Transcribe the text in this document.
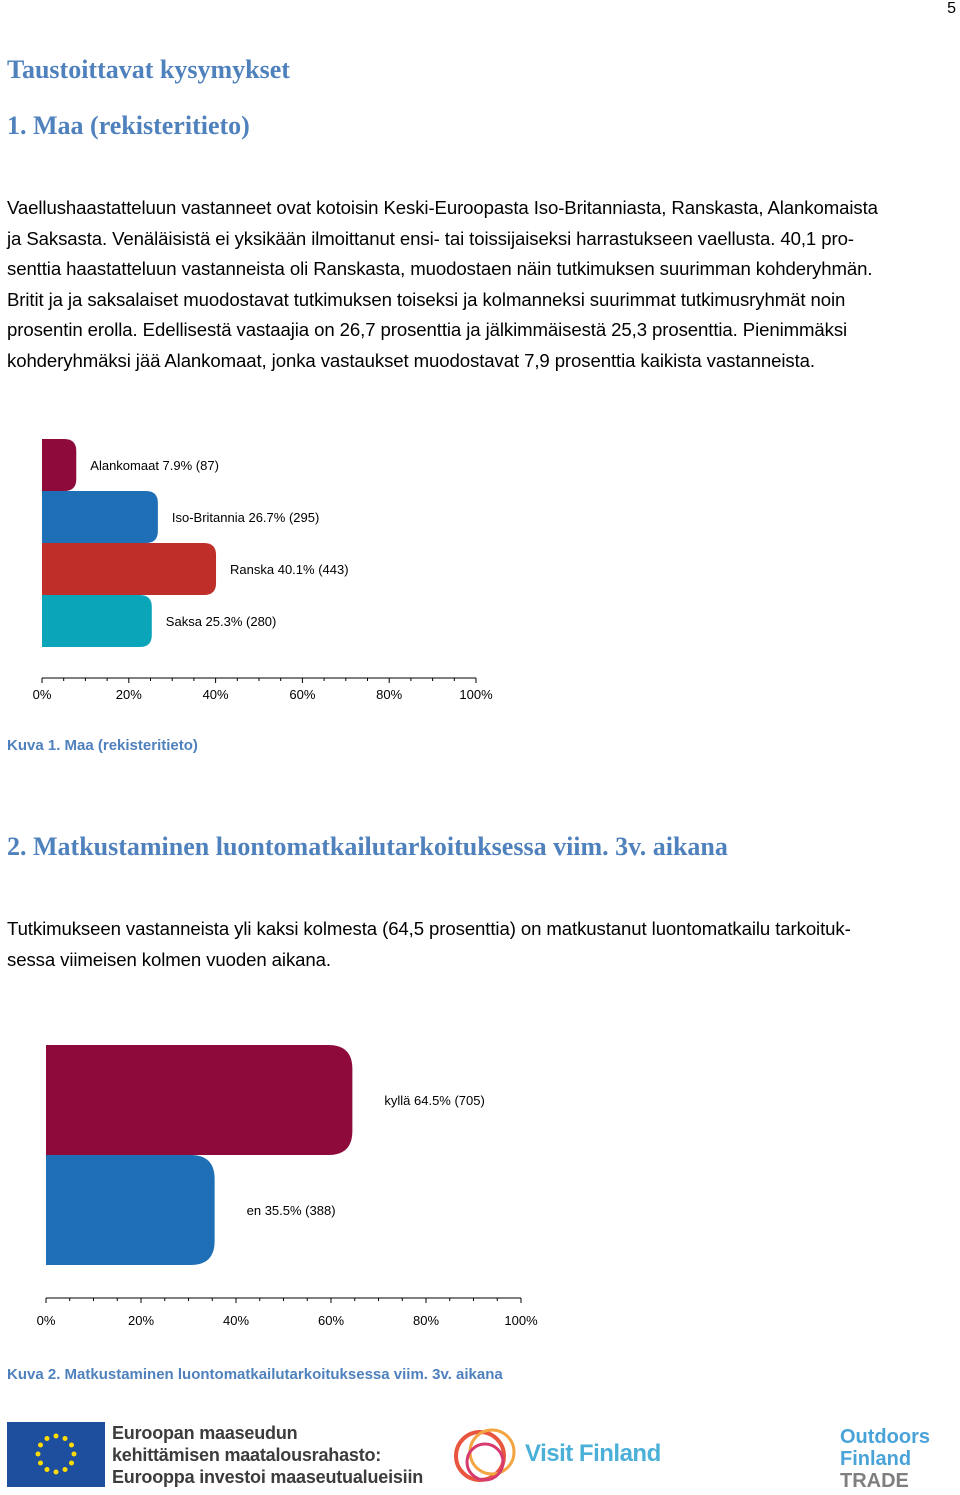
5
Taustoittavat kysymykset
1. Maa (rekisteritieto)
Vaellushaastatteluun vastanneet ovat kotoisin Keski-Euroopasta Iso-Britanniasta, Ranskasta, Alankomaista
ja Saksasta. Venäläisistä ei yksikään ilmoittanut ensi- tai toissijaiseksi harrastukseen vaellusta. 40,1 pro-
senttia haastatteluun vastanneista oli Ranskasta, muodostaen näin tutkimuksen suurimman kohderyhmän.
Britit ja ja saksalaiset muodostavat tutkimuksen toiseksi ja kolmanneksi suurimmat tutkimusryhmät noin
prosentin erolla. Edellisestä vastaajia on 26,7 prosenttia ja jälkimmäisestä 25,3 prosenttia. Pienimmäksi
kohderyhmäksi jää Alankomaat, jonka vastaukset muodostavat 7,9 prosenttia kaikista vastanneista.
Alankomaat 7.9% (87)
Iso-Britannia 26.7% (295)
Ranska 40.1% (443)
Saksa 25.3% (280)
0%	20%	40%	60%	80%	100%
Kuva 1. Maa (rekisteritieto)
2. Matkustaminen luontomatkailutarkoituksessa viim. 3v. aikana
Tutkimukseen vastanneista yli kaksi kolmesta (64,5 prosenttia) on matkustanut luontomatkailu tarkoituk-
sessa viimeisen kolmen vuoden aikana.
kyllä 64.5% (705)
en 35.5% (388)
0%	20%	40%	60%	80%	100%
Kuva 2. Matkustaminen luontomatkailutarkoituksessa viim. 3v. aikana
Euroopan maaseudun
kehittämisen maatalousrahasto:
Eurooppa investoi maaseutualueisiin
Visit Finland
Outdoors
Finland
TRADE
